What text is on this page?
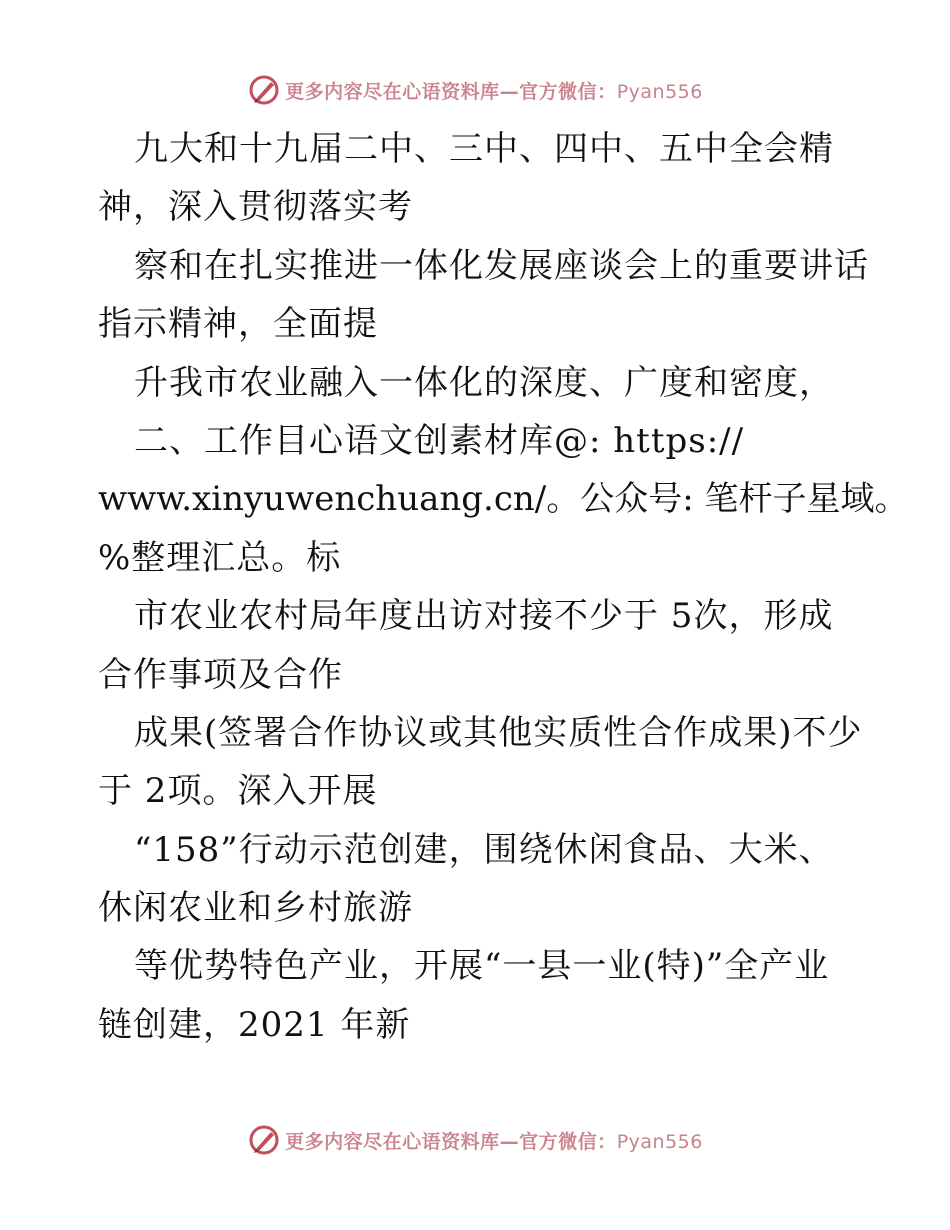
更多内容尽在心语资料库—官方微信：Pyan556
九大和十九届二中、三中、四中、五中全会精
神，深入贯彻落实考
察和在扎实推进一体化发展座谈会上的重要讲话
指示精神，全面提
升我市农业融入一体化的深度、广度和密度，
二、工作目心语文创素材库@: https://
www.xinyuwenchuang.cn/。公众号: 笔杆子星域。
%整理汇总。标
市农业农村局年度出访对接不少于 5次，形成
合作事项及合作
成果(签署合作协议或其他实质性合作成果)不少
于 2项。深入开展
“158”行动示范创建，围绕休闲食品、大米、
休闲农业和乡村旅游
等优势特色产业，开展“一县一业(特)”全产业
链创建，2021 年新
更多内容尽在心语资料库—官方微信：Pyan556
